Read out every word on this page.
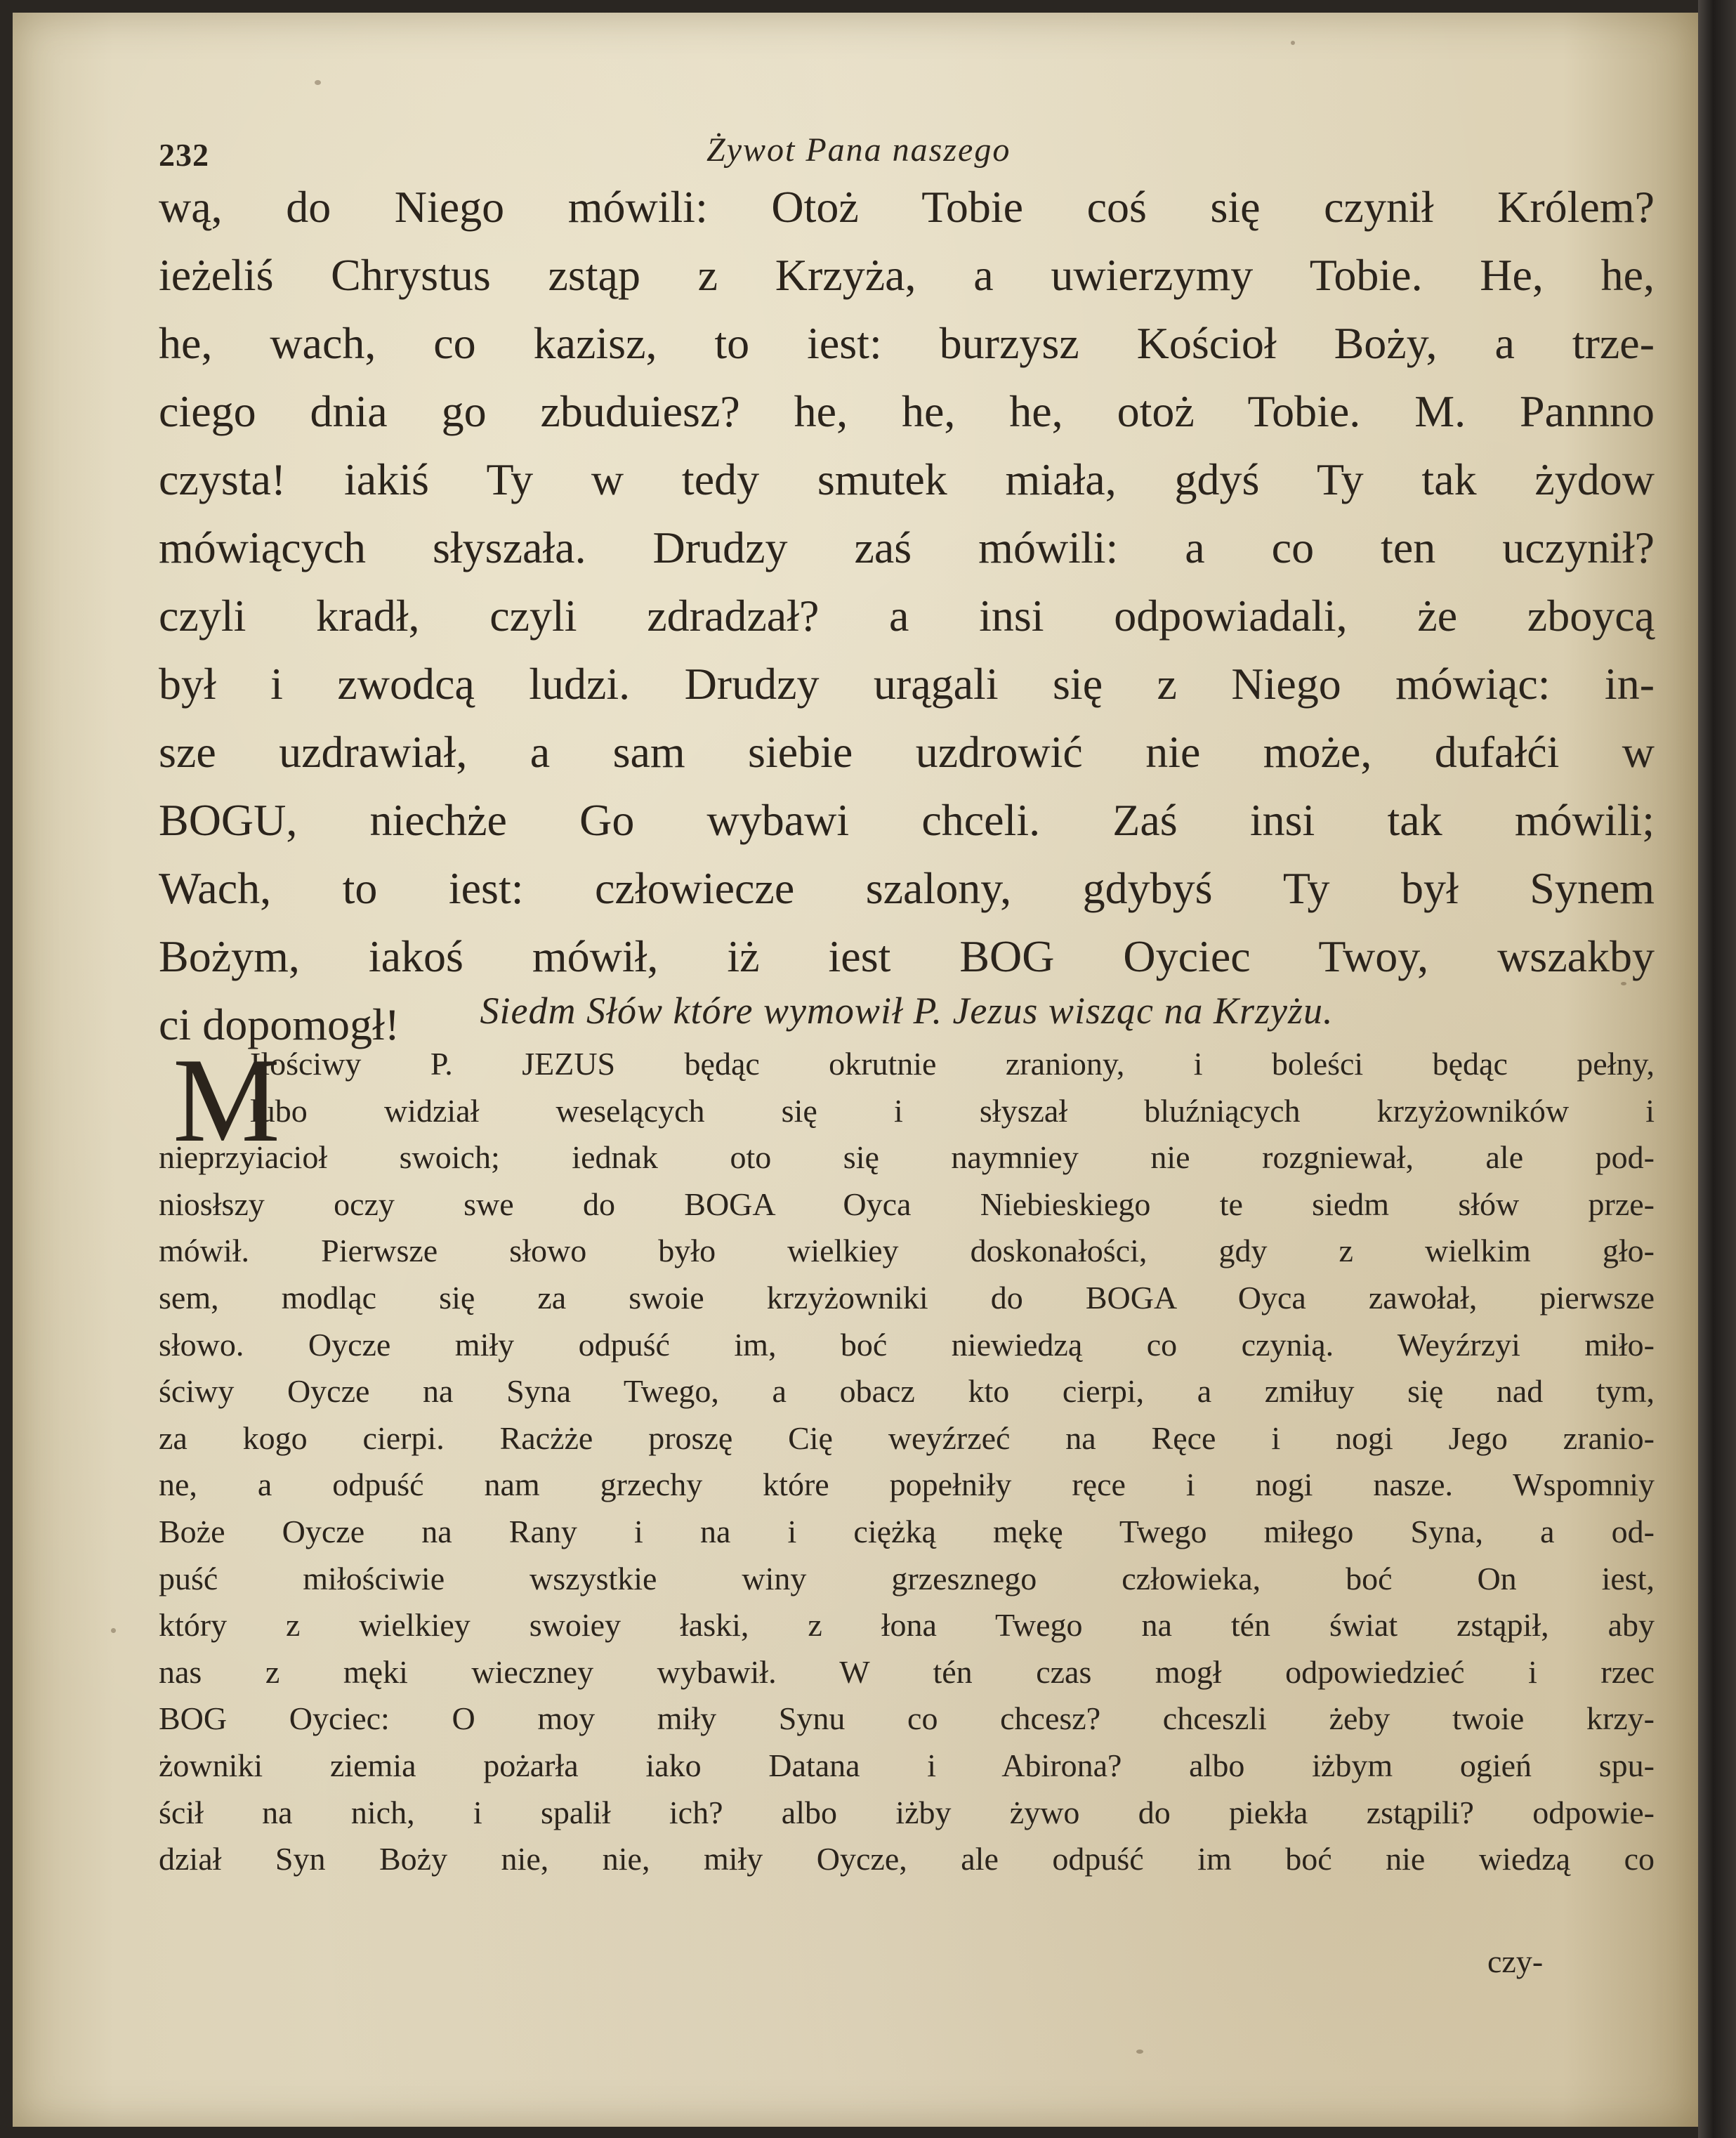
232	Żywot Pana naszego
wą, do Niego mówili: Otoż Tobie coś się czynił Królem?
ieżeliś Chrystus zstąp z Krzyża, a uwierzymy Tobie. He, he,
he, wach, co kazisz, to iest: burzysz Kościoł Boży, a trze-
ciego dnia go zbuduiesz? he, he, he, otoż Tobie. M. Pannno
czysta! iakiś Ty w tedy smutek miała, gdyś Ty tak żydow
mówiących słyszała. Drudzy zaś mówili: a co ten uczynił?
czyli kradł, czyli zdradzał? a insi odpowiadali, że zboycą
był i zwodcą ludzi. Drudzy urągali się z Niego mówiąc: in-
sze uzdrawiał, a sam siebie uzdrowić nie może, dufałći w
BOGU, niechże Go wybawi chceli. Zaś insi tak mówili;
Wach, to iest: człowiecze szalony, gdybyś Ty był Synem
Bożym, iakoś mówił, iż iest BOG Oyciec Twoy, wszakby
ci dopomogł!	Siedm Słów które wymowił P. Jezus wisząc na Krzyżu.
M
Iłościwy P. JEZUS będąc okrutnie zraniony, i boleści będąc pełny,
lubo widział weselących się i słyszał bluźniących krzyżowników i
nieprzyiacioł swoich; iednak oto się naymniey nie rozgniewał, ale pod-
niosłszy oczy swe do BOGA Oyca Niebieskiego te siedm słów prze-
mówił. Pierwsze słowo było wielkiey doskonałości, gdy z wielkim gło-
sem, modląc się za swoie krzyżowniki do BOGA Oyca zawołał, pierwsze
słowo. Oycze miły odpuść im, boć niewiedzą co czynią. Weyźrzyi miło-
ściwy Oycze na Syna Twego, a obacz kto cierpi, a zmiłuy się nad tym,
za kogo cierpi. Racżże proszę Cię weyźrzeć na Ręce i nogi Jego zranio-
ne, a odpuść nam grzechy które popełniły ręce i nogi nasze. Wspomniy
Boże Oycze na Rany i na i ciężką mękę Twego miłego Syna, a od-
puść miłościwie wszystkie winy grzesznego człowieka, boć On iest,
który z wielkiey swoiey łaski, z łona Twego na tén świat zstąpił, aby
nas z męki wieczney wybawił. W tén czas mogł odpowiedzieć i rzec
BOG Oyciec: O moy miły Synu co chcesz? chceszli żeby twoie krzy-
żowniki ziemia pożarła iako Datana i Abirona? albo iżbym ogień spu-
ścił na nich, i spalił ich? albo iżby żywo do piekła zstąpili? odpowie-
dział Syn Boży nie, nie, miły Oycze, ale odpuść im boć nie wiedzą co
czy-
